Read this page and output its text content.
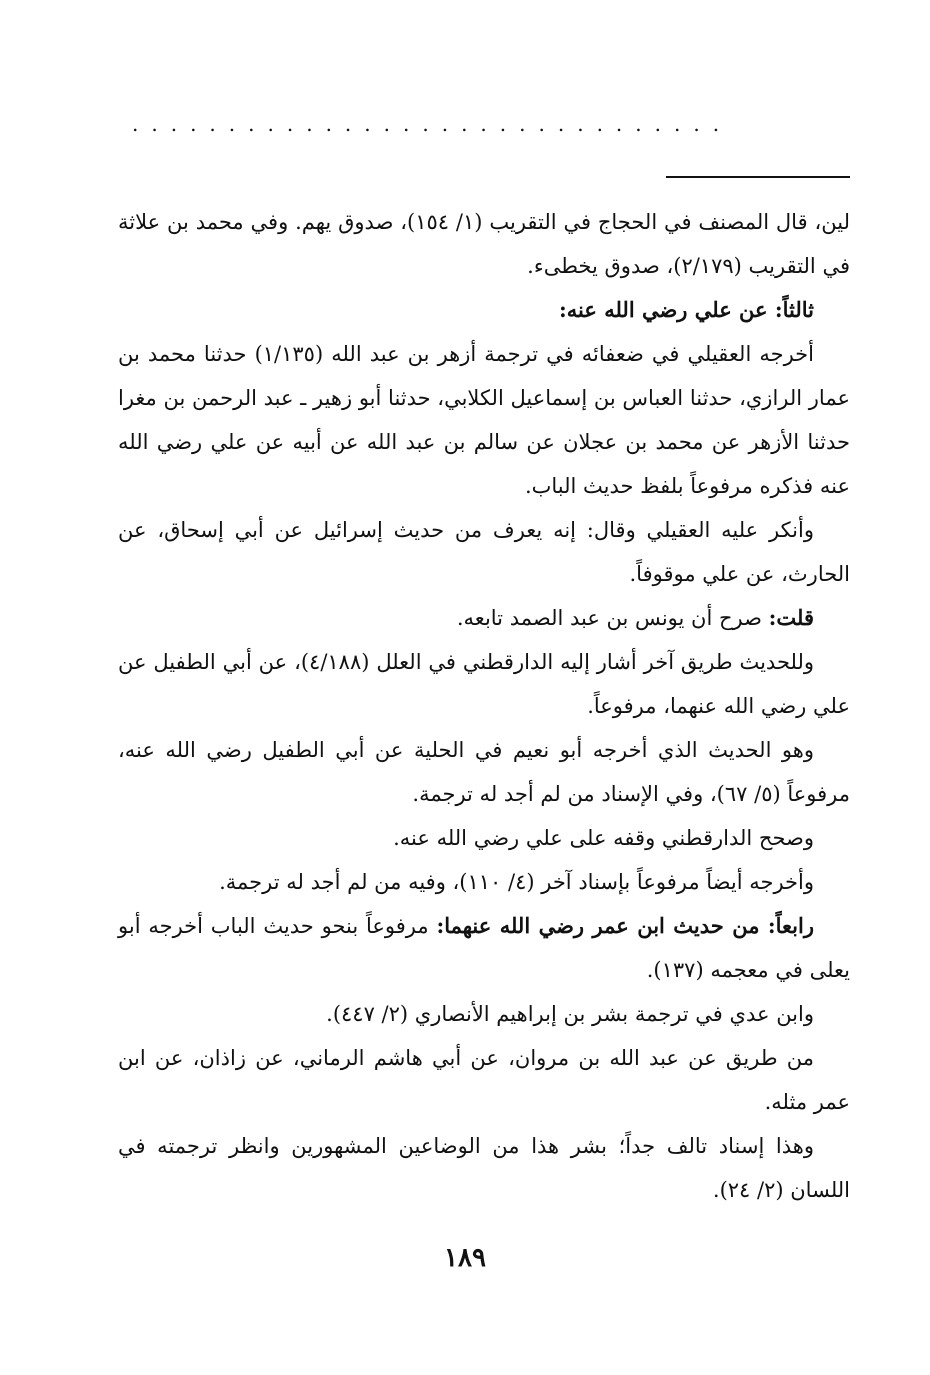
...............................

لين، قال المصنف في الحجاج في التقريب (١/ ١٥٤)، صدوق يهم. وفي محمد بن علاثة في التقريب (٢/١٧٩)، صدوق يخطىء.

ثالثاً: عن علي رضي الله عنه:

أخرجه العقيلي في ضعفائه في ترجمة أزهر بن عبد الله (١/١٣٥) حدثنا محمد بن عمار الرازي، حدثنا العباس بن إسماعيل الكلابي، حدثنا أبو زهير ـ عبد الرحمن بن مغرا حدثنا الأزهر عن محمد بن عجلان عن سالم بن عبد الله عن أبيه عن علي رضي الله عنه فذكره مرفوعاً بلفظ حديث الباب.

وأنكر عليه العقيلي وقال: إنه يعرف من حديث إسرائيل عن أبي إسحاق، عن الحارث، عن علي موقوفاً.

قلت: صرح أن يونس بن عبد الصمد تابعه.

وللحديث طريق آخر أشار إليه الدارقطني في العلل (٤/١٨٨)، عن أبي الطفيل عن علي رضي الله عنهما، مرفوعاً.

وهو الحديث الذي أخرجه أبو نعيم في الحلية عن أبي الطفيل رضي الله عنه، مرفوعاً (٥/ ٦٧)، وفي الإسناد من لم أجد له ترجمة.

وصحح الدارقطني وقفه على علي رضي الله عنه.

وأخرجه أيضاً مرفوعاً بإسناد آخر (٤/ ١١٠)، وفيه من لم أجد له ترجمة.

رابعاً: من حديث ابن عمر رضي الله عنهما: مرفوعاً بنحو حديث الباب أخرجه أبو يعلى في معجمه (١٣٧).

وابن عدي في ترجمة بشر بن إبراهيم الأنصاري (٢/ ٤٤٧).

من طريق عن عبد الله بن مروان، عن أبي هاشم الرماني، عن زاذان، عن ابن عمر مثله.

وهذا إسناد تالف جداً؛ بشر هذا من الوضاعين المشهورين وانظر ترجمته في اللسان (٢/ ٢٤).

١٨٩
